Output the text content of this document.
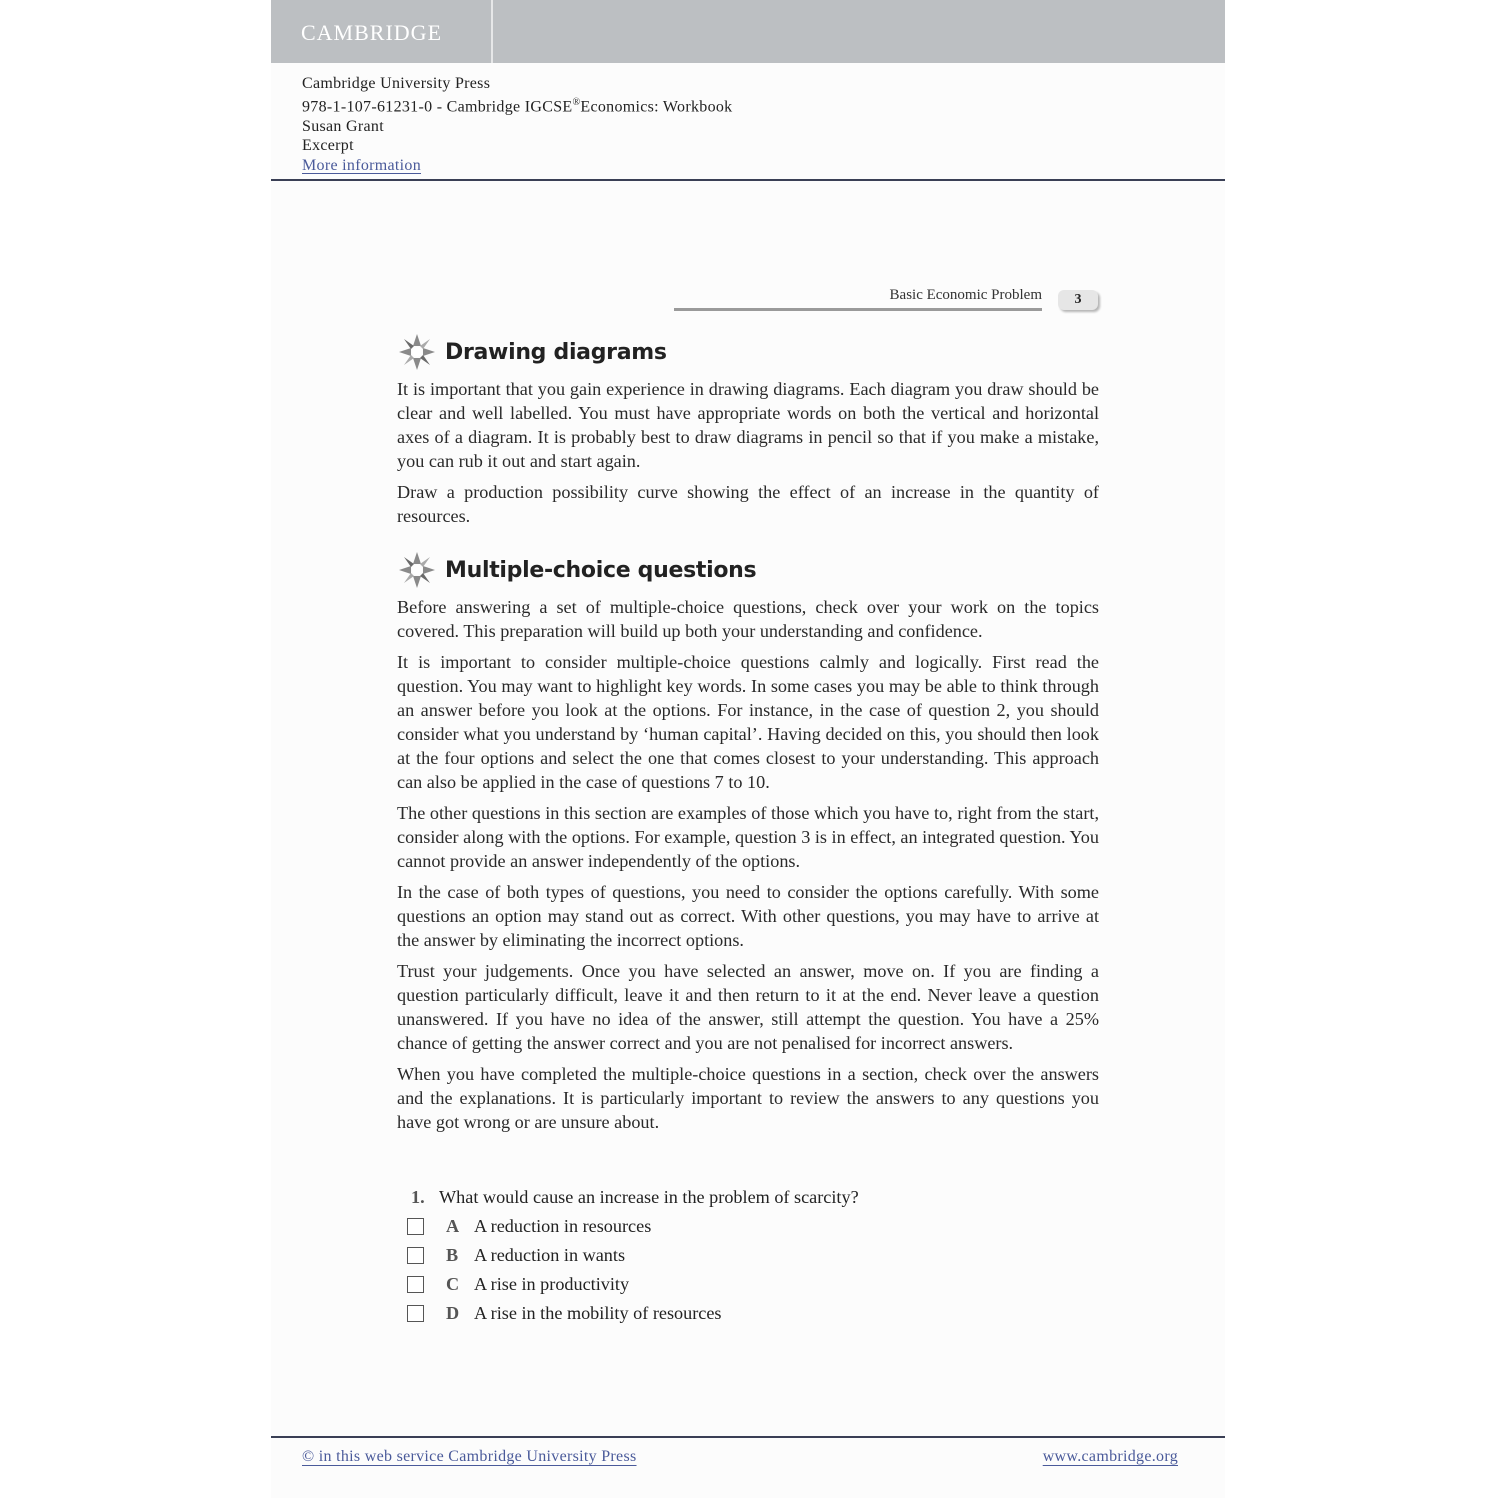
CAMBRIDGE
Cambridge University Press
978-1-107-61231-0 - Cambridge IGCSE®Economics: Workbook
Susan Grant
Excerpt
More information
Basic Economic Problem	3
Drawing diagrams

It is important that you gain experience in drawing diagrams. Each diagram you draw should be clear and well labelled. You must have appropriate words on both the vertical and horizontal axes of a diagram. It is probably best to draw diagrams in pencil so that if you make a mistake, you can rub it out and start again.

Draw a production possibility curve showing the effect of an increase in the quantity of resources.

Multiple-choice questions

Before answering a set of multiple-choice questions, check over your work on the topics covered. This preparation will build up both your understanding and confidence.

It is important to consider multiple-choice questions calmly and logically. First read the question. You may want to highlight key words. In some cases you may be able to think through an answer before you look at the options. For instance, in the case of question 2, you should consider what you understand by ‘human capital’. Having decided on this, you should then look at the four options and select the one that comes closest to your understanding. This approach can also be applied in the case of questions 7 to 10.

The other questions in this section are examples of those which you have to, right from the start, consider along with the options. For example, question 3 is in effect, an integrated question. You cannot provide an answer independently of the options.

In the case of both types of questions, you need to consider the options carefully. With some questions an option may stand out as correct. With other questions, you may have to arrive at the answer by eliminating the incorrect options.

Trust your judgements. Once you have selected an answer, move on. If you are finding a question particularly difficult, leave it and then return to it at the end. Never leave a question unanswered. If you have no idea of the answer, still attempt the question. You have a 25% chance of getting the answer correct and you are not penalised for incorrect answers.

When you have completed the multiple-choice questions in a section, check over the answers and the explanations. It is particularly important to review the answers to any questions you have got wrong or are unsure about.

1. What would cause an increase in the problem of scarcity?
A A reduction in resources
B A reduction in wants
C A rise in productivity
D A rise in the mobility of resources
© in this web service Cambridge University Press	www.cambridge.org
